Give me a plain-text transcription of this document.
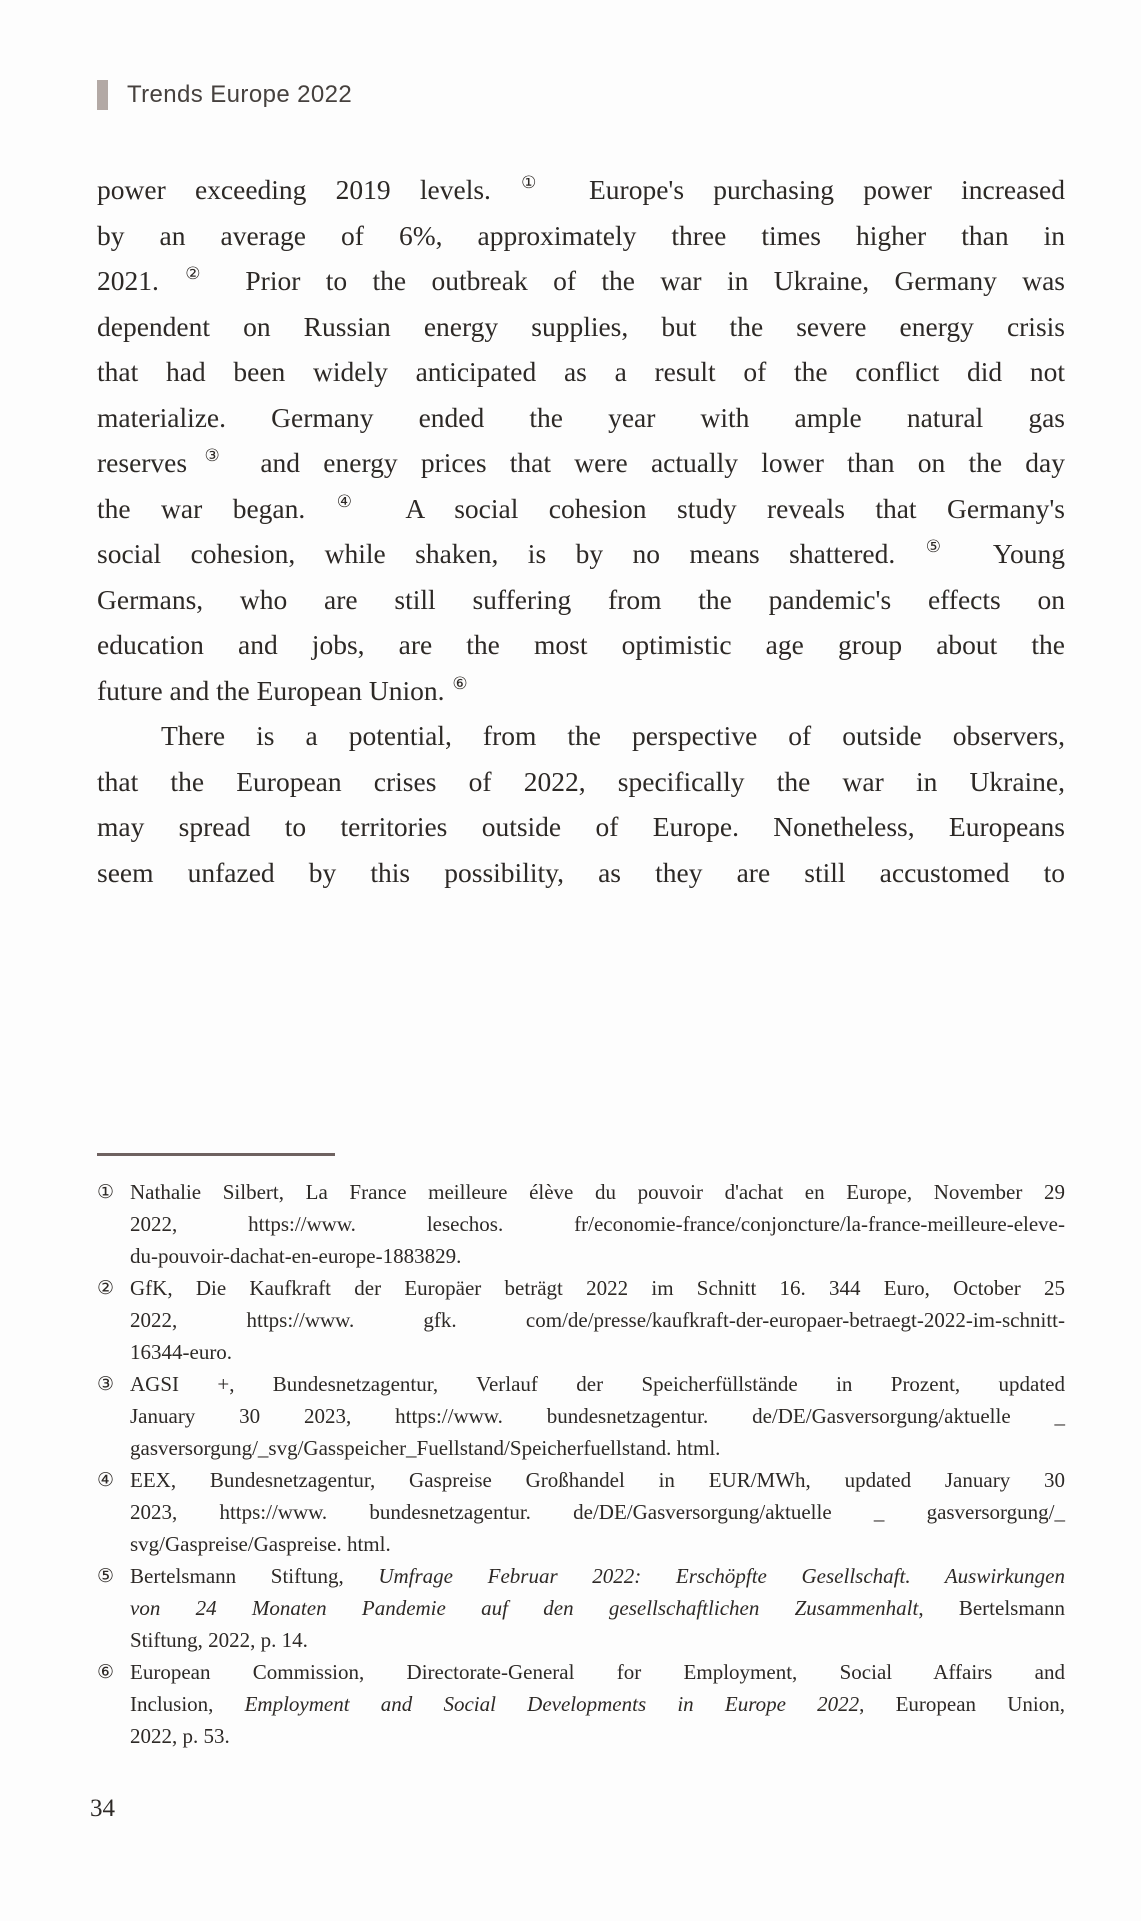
Trends Europe 2022
power exceeding 2019 levels. ① Europe's purchasing power increased
by an average of 6%, approximately three times higher than in
2021. ② Prior to the outbreak of the war in Ukraine, Germany was
dependent on Russian energy supplies, but the severe energy crisis
that had been widely anticipated as a result of the conflict did not
materialize. Germany ended the year with ample natural gas
reserves③ and energy prices that were actually lower than on the day
the war began. ④ A social cohesion study reveals that Germany's
social cohesion, while shaken, is by no means shattered. ⑤ Young
Germans, who are still suffering from the pandemic's effects on
education and jobs, are the most optimistic age group about the
future and the European Union. ⑥
There is a potential, from the perspective of outside observers,
that the European crises of 2022, specifically the war in Ukraine,
may spread to territories outside of Europe. Nonetheless, Europeans
seem unfazed by this possibility, as they are still accustomed to
① Nathalie Silbert, La France meilleure élève du pouvoir d'achat en Europe, November 29
2022, https://www. lesechos. fr/economie-france/conjoncture/la-france-meilleure-eleve-
du-pouvoir-dachat-en-europe-1883829.
② GfK, Die Kaufkraft der Europäer beträgt 2022 im Schnitt 16. 344 Euro, October 25
2022, https://www. gfk. com/de/presse/kaufkraft-der-europaer-betraegt-2022-im-schnitt-
16344-euro.
③ AGSI +, Bundesnetzagentur, Verlauf der Speicherfüllstände in Prozent, updated
January 30 2023, https://www. bundesnetzagentur. de/DE/Gasversorgung/aktuelle _
gasversorgung/_svg/Gasspeicher_Fuellstand/Speicherfuellstand. html.
④ EEX, Bundesnetzagentur, Gaspreise Großhandel in EUR/MWh, updated January 30
2023, https://www. bundesnetzagentur. de/DE/Gasversorgung/aktuelle _ gasversorgung/_
svg/Gaspreise/Gaspreise. html.
⑤ Bertelsmann Stiftung, Umfrage Februar 2022: Erschöpfte Gesellschaft. Auswirkungen
von 24 Monaten Pandemie auf den gesellschaftlichen Zusammenhalt, Bertelsmann
Stiftung, 2022, p. 14.
⑥ European Commission, Directorate-General for Employment, Social Affairs and
Inclusion, Employment and Social Developments in Europe 2022, European Union,
2022, p. 53.
34
